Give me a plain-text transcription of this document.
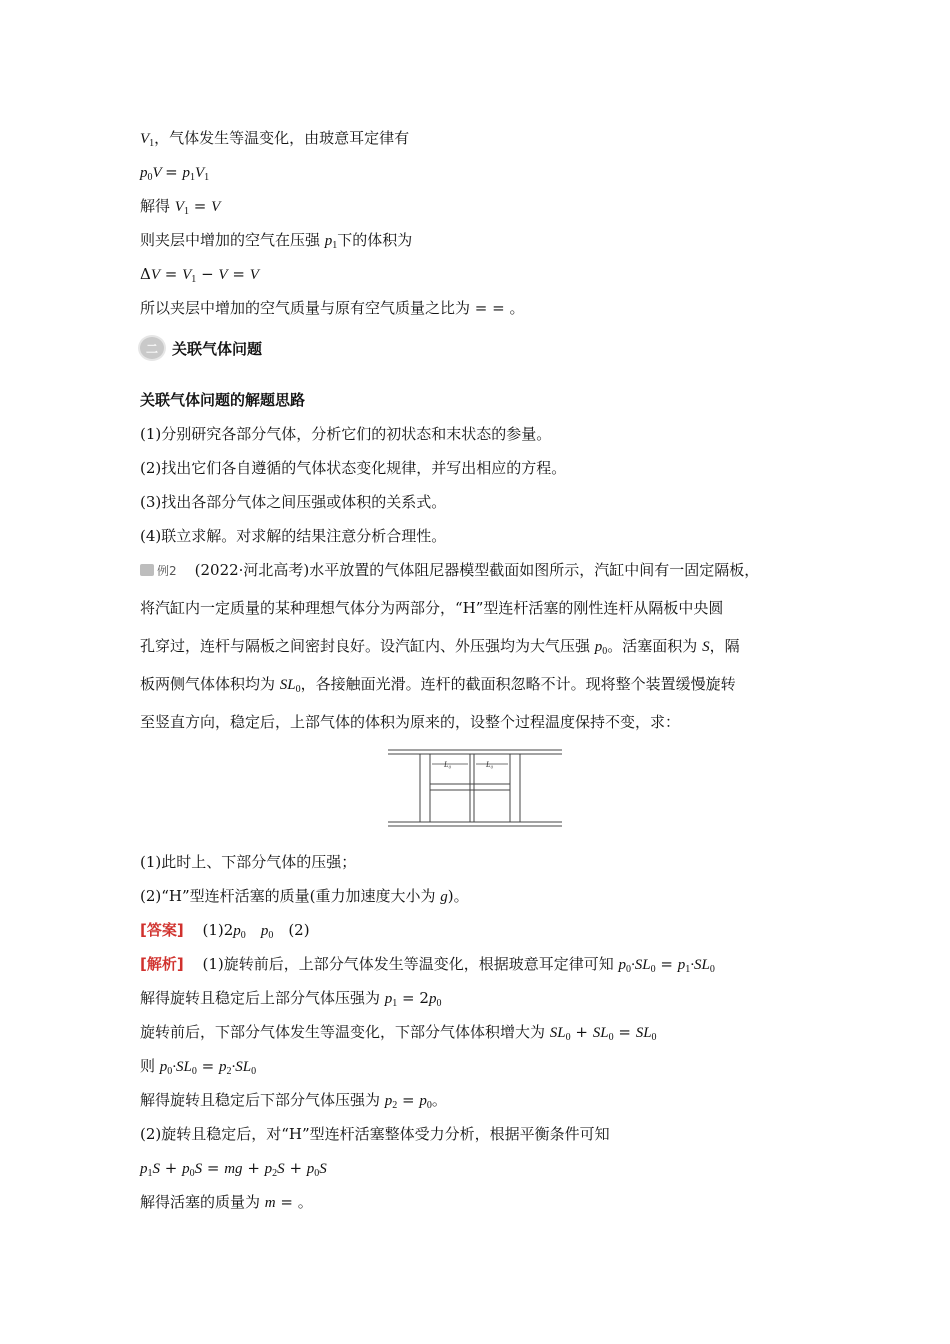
$V_1$，气体发生等温变化，由玻意耳定律有
$p_0V = p_1V_1$
解得 $V_1 = V$
则夹层中增加的空气在压强 $p_1$下的体积为
$\Delta V = V_1 - V = V$
所以夹层中增加的空气质量与原有空气质量之比为 = = 。
二 关联气体问题
关联气体问题的解题思路
(1)分别研究各部分气体，分析它们的初状态和末状态的参量。
(2)找出它们各自遵循的气体状态变化规律，并写出相应的方程。
(3)找出各部分气体之间压强或体积的关系式。
(4)联立求解。对求解的结果注意分析合理性。
例2 (2022·河北高考)水平放置的气体阻尼器模型截面如图所示，汽缸中间有一固定隔板，
将汽缸内一定质量的某种理想气体分为两部分，“H”型连杆活塞的刚性连杆从隔板中央圆
孔穿过，连杆与隔板之间密封良好。设汽缸内、外压强均为大气压强 $p_0$。活塞面积为 S，隔
板两侧气体体积均为 $SL_0$，各接触面光滑。连杆的截面积忽略不计。现将整个装置缓慢旋转
至竖直方向，稳定后，上部气体的体积为原来的，设整个过程温度保持不变，求：
L₀	L₀
(1)此时上、下部分气体的压强；
(2)“H”型连杆活塞的质量(重力加速度大小为 g)。
[答案] $(1)2p_0$　 $p_0$　(2)
[解析] (1)旋转前后，上部分气体发生等温变化，根据玻意耳定律可知 $p_0\cdot SL_0 = p_1\cdot SL_0$
解得旋转且稳定后上部分气体压强为 $p_1 = 2p_0$
旋转前后，下部分气体发生等温变化，下部分气体体积增大为 $SL_0 + SL_0 = SL_0$
则 $p_0\cdot SL_0 = p_2\cdot SL_0$
解得旋转且稳定后下部分气体压强为 $p_2 = p_0$。
(2)旋转且稳定后，对“H”型连杆活塞整体受力分析，根据平衡条件可知
$p_1S + p_0S$ = mg + $p_2S + p_0S$
解得活塞的质量为 m = 。
